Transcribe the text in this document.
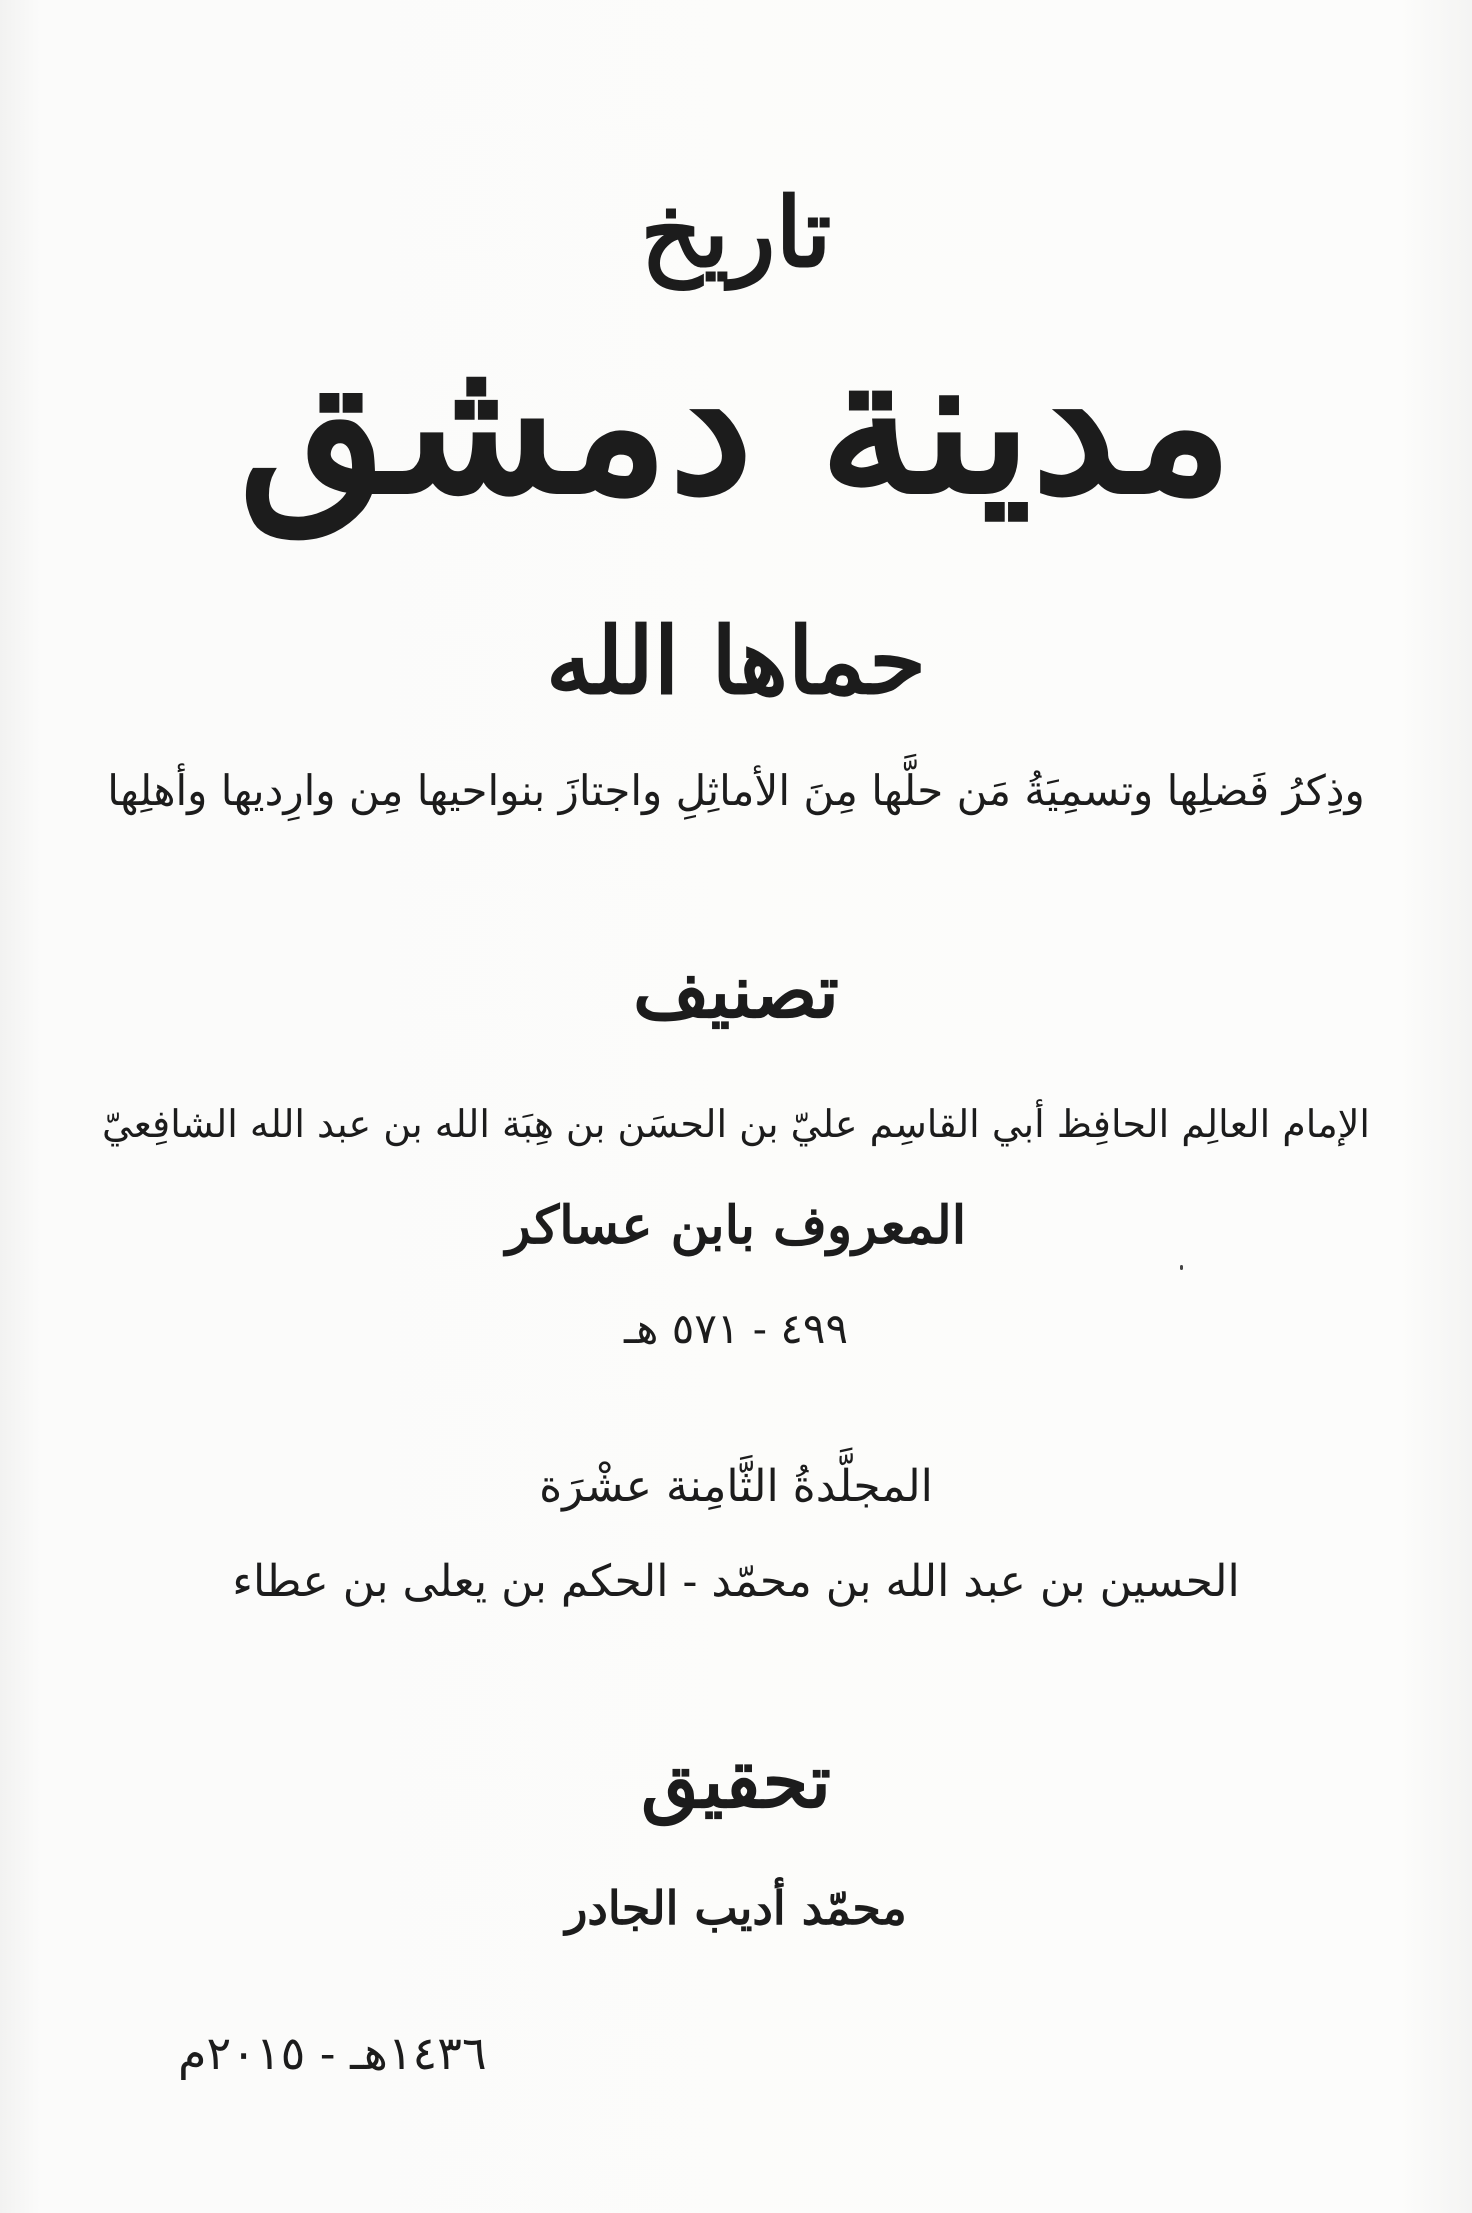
تاريخ
مدينة دمشق
حماها الله
وذِكرُ فَضلِها وتسمِيَةُ مَن حلَّها مِنَ الأماثِلِ واجتازَ بنواحيها مِن وارِديها وأهلِها
تصنيف
الإمام العالِم الحافِظ أبي القاسِم عليّ بن الحسَن بن هِبَة الله بن عبد الله الشافِعيّ
المعروف بابن عساكر
٤٩٩ - ٥٧١ هـ
المجلَّدةُ الثَّامِنة عشْرَة
الحسين بن عبد الله بن محمّد - الحكم بن يعلى بن عطاء
تحقيق
محمّد أديب الجادر
١٤٣٦هـ - ٢٠١٥م
